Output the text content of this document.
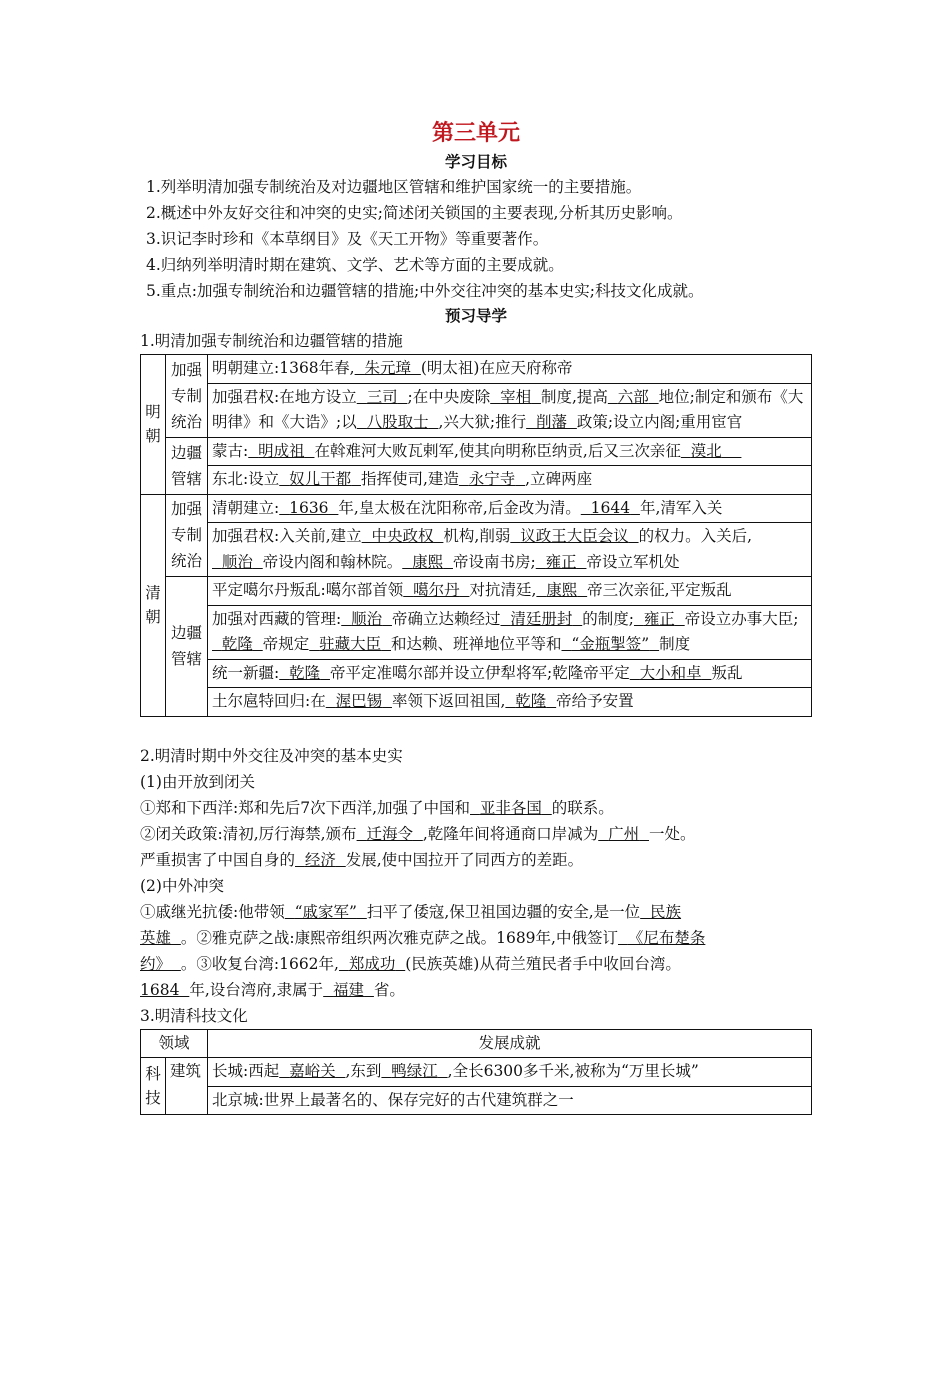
第三单元

学习目标

1.列举明清加强专制统治及对边疆地区管辖和维护国家统一的主要措施。

2.概述中外友好交往和冲突的史实;简述闭关锁国的主要表现,分析其历史影响。

3.识记李时珍和《本草纲目》及《天工开物》等重要著作。

4.归纳列举明清时期在建筑、文学、艺术等方面的主要成就。

5.重点:加强专制统治和边疆管辖的措施;中外交往冲突的基本史实;科技文化成就。

预习导学

1.明清加强专制统治和边疆管辖的措施

明朝	加强专制统治	明朝建立:1368年春, 朱元璋 (明太祖)在应天府称帝
		加强君权:在地方设立 三司 ;在中央废除 宰相 制度,提高 六部 地位;制定和颁布《大明律》和《大诰》;以 八股取士 ,兴大狱;推行 削藩 政策;设立内阁;重用宦官
	边疆管辖	蒙古: 明成祖 在斡难河大败瓦剌军,使其向明称臣纳贡,后又三次亲征 漠北
		东北:设立 奴儿干都 指挥使司,建造 永宁寺 ,立碑两座
清朝	加强专制统治	清朝建立: 1636 年,皇太极在沈阳称帝,后金改为清。 1644 年,清军入关
		加强君权:入关前,建立 中央政权 机构,削弱 议政王大臣会议 的权力。入关后,  顺治 帝设内阁和翰林院。 康熙 帝设南书房; 雍正 帝设立军机处
	边疆管辖	平定噶尔丹叛乱:噶尔部首领 噶尔丹 对抗清廷, 康熙 帝三次亲征,平定叛乱
		加强对西藏的管理: 顺治 帝确立达赖经过 清廷册封 的制度; 雍正 帝设立办事大臣;  乾隆 帝规定 驻藏大臣 和达赖、班禅地位平等和 “金瓶掣签” 制度
		统一新疆: 乾隆 帝平定准噶尔部并设立伊犁将军;乾隆帝平定 大小和卓 叛乱
		土尔扈特回归:在 渥巴锡 率领下返回祖国, 乾隆 帝给予安置

2.明清时期中外交往及冲突的基本史实

(1)由开放到闭关

①郑和下西洋:郑和先后7次下西洋,加强了中国和 亚非各国 的联系。

②闭关政策:清初,厉行海禁,颁布 迁海令 ,乾隆年间将通商口岸减为 广州 一处。

严重损害了中国自身的 经济 发展,使中国拉开了同西方的差距。

(2)中外冲突

①戚继光抗倭:他带领 “戚家军” 扫平了倭寇,保卫祖国边疆的安全,是一位 民族

英雄 。②雅克萨之战:康熙帝组织两次雅克萨之战。1689年,中俄签订 《尼布楚条

约》 。③收复台湾:1662年, 郑成功 (民族英雄)从荷兰殖民者手中收回台湾。

1684 年,设台湾府,隶属于 福建 省。

3.明清科技文化

领域		发展成就
科技	建筑	长城:西起 嘉峪关 ,东到 鸭绿江 ,全长6300多千米,被称为“万里长城”
		北京城:世界上最著名的、保存完好的古代建筑群之一
